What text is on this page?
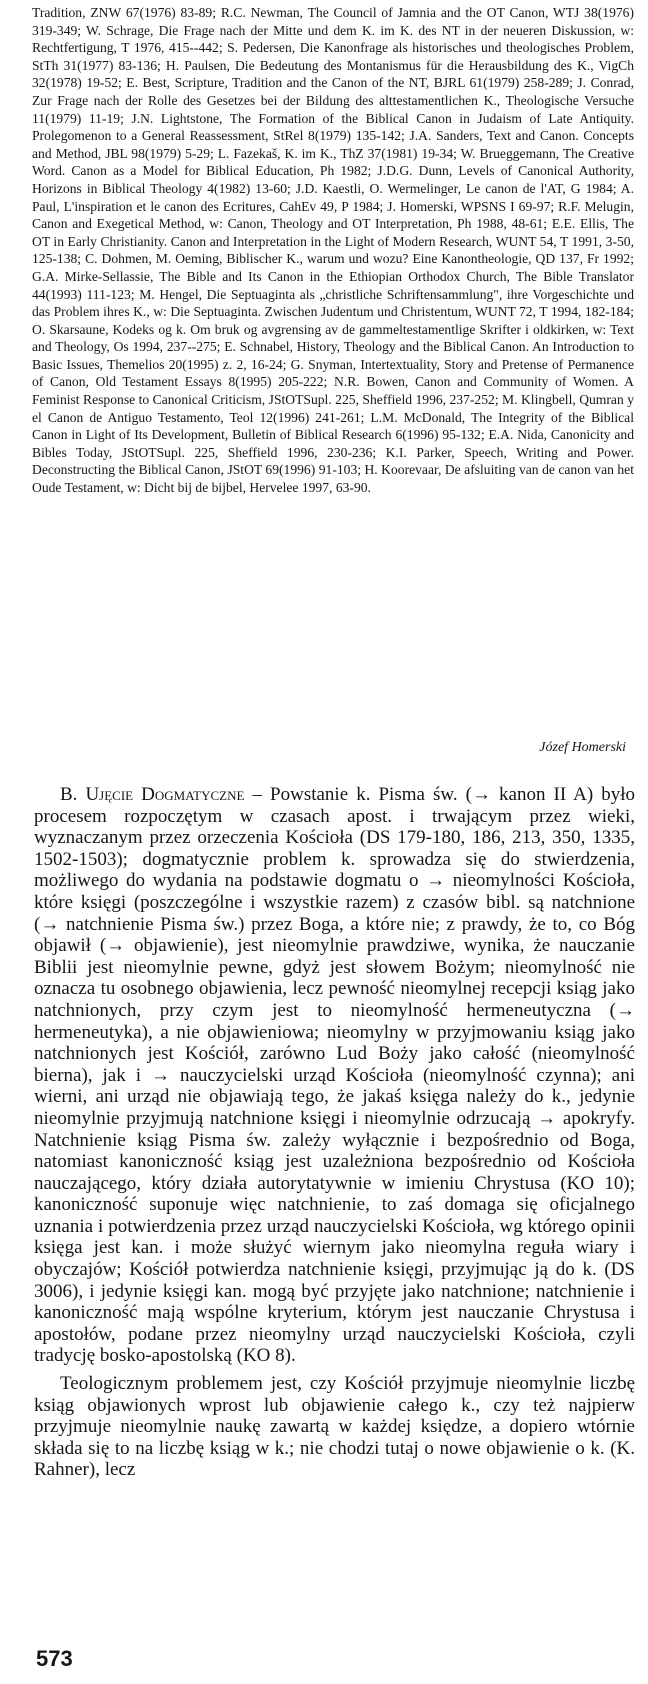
Tradition, ZNW 67(1976) 83-89; R.C. Newman, The Council of Jamnia and the OT Canon, WTJ 38(1976) 319-349; W. Schrage, Die Frage nach der Mitte und dem K. im K. des NT in der neueren Diskussion, w: Rechtfertigung, T 1976, 415--442; S. Pedersen, Die Kanonfrage als historisches und theologisches Problem, StTh 31(1977) 83-136; H. Paulsen, Die Bedeutung des Montanismus für die Herausbildung des K., VigCh 32(1978) 19-52; E. Best, Scripture, Tradition and the Canon of the NT, BJRL 61(1979) 258-289; J. Conrad, Zur Frage nach der Rolle des Gesetzes bei der Bildung des alttestamentlichen K., Theologische Versuche 11(1979) 11-19; J.N. Lightstone, The Formation of the Biblical Canon in Judaism of Late Antiquity. Prolegomenon to a General Reassessment, StRel 8(1979) 135-142; J.A. Sanders, Text and Canon. Concepts and Method, JBL 98(1979) 5-29; L. Fazekaš, K. im K., ThZ 37(1981) 19-34; W. Brueggemann, The Creative Word. Canon as a Model for Biblical Education, Ph 1982; J.D.G. Dunn, Levels of Canonical Authority, Horizons in Biblical Theology 4(1982) 13-60; J.D. Kaestli, O. Wermelinger, Le canon de l'AT, G 1984; A. Paul, L'inspiration et le canon des Ecritures, CahEv 49, P 1984; J. Homerski, WPSNS I 69-97; R.F. Melugin, Canon and Exegetical Method, w: Canon, Theology and OT Interpretation, Ph 1988, 48-61; E.E. Ellis, The OT in Early Christianity. Canon and Interpretation in the Light of Modern Research, WUNT 54, T 1991, 3-50, 125-138; C. Dohmen, M. Oeming, Biblischer K., warum und wozu? Eine Kanontheologie, QD 137, Fr 1992; G.A. Mirke-Sellassie, The Bible and Its Canon in the Ethiopian Orthodox Church, The Bible Translator 44(1993) 111-123; M. Hengel, Die Septuaginta als „christliche Schriftensammlung", ihre Vorgeschichte und das Problem ihres K., w: Die Septuaginta. Zwischen Judentum und Christentum, WUNT 72, T 1994, 182-184; O. Skarsaune, Kodeks og k. Om bruk og avgrensing av de gammeltestamentlige Skrifter i oldkirken, w: Text and Theology, Os 1994, 237--275; E. Schnabel, History, Theology and the Biblical Canon. An Introduction to Basic Issues, Themelios 20(1995) z. 2, 16-24; G. Snyman, Intertextuality, Story and Pretense of Permanence of Canon, Old Testament Essays 8(1995) 205-222; N.R. Bowen, Canon and Community of Women. A Feminist Response to Canonical Criticism, JStOTSupl. 225, Sheffield 1996, 237-252; M. Klingbell, Qumran y el Canon de Antiguo Testamento, Teol 12(1996) 241-261; L.M. McDonald, The Integrity of the Biblical Canon in Light of Its Development, Bulletin of Biblical Research 6(1996) 95-132; E.A. Nida, Canonicity and Bibles Today, JStOTSupl. 225, Sheffield 1996, 230-236; K.I. Parker, Speech, Writing and Power. Deconstructing the Biblical Canon, JStOT 69(1996) 91-103; H. Koorevaar, De afsluiting van de canon van het Oude Testament, w: Dicht bij de bijbel, Hervelee 1997, 63-90.

Józef Homerski

B. Ujęcie Dogmatyczne – Powstanie k. Pisma św. (→ kanon II A) było procesem rozpoczętym w czasach apost. i trwającym przez wieki, wyznaczanym przez orzeczenia Kościoła (DS 179-180, 186, 213, 350, 1335, 1502-1503); dogmatycznie problem k. sprowadza się do stwierdzenia, możliwego do wydania na podstawie dogmatu o → nieomylności Kościoła, które księgi (poszczególne i wszystkie razem) z czasów bibl. są natchnione (→ natchnienie Pisma św.) przez Boga, a które nie; z prawdy, że to, co Bóg objawił (→ objawienie), jest nieomylnie prawdziwe, wynika, że nauczanie Biblii jest nieomylnie pewne, gdyż jest słowem Bożym; nieomylność nie oznacza tu osobnego objawienia, lecz pewność nieomylnej recepcji ksiąg jako natchnionych, przy czym jest to nieomylność hermeneutyczna (→ hermeneutyka), a nie objawieniowa; nieomylny w przyjmowaniu ksiąg jako natchnionych jest Kościół, zarówno Lud Boży jako całość (nieomylność bierna), jak i → nauczycielski urząd Kościoła (nieomylność czynna); ani wierni, ani urząd nie objawiają tego, że jakaś księga należy do k., jedynie nieomylnie przyjmują natchnione księgi i nieomylnie odrzucają → apokryfy. Natchnienie ksiąg Pisma św. zależy wyłącznie i bezpośrednio od Boga, natomiast kanoniczność ksiąg jest uzależniona bezpośrednio od Kościoła nauczającego, który działa autorytatywnie w imieniu Chrystusa (KO 10); kanoniczność suponuje więc natchnienie, to zaś domaga się oficjalnego uznania i potwierdzenia przez urząd nauczycielski Kościoła, wg którego opinii księga jest kan. i może służyć wiernym jako nieomylna reguła wiary i obyczajów; Kościół potwierdza natchnienie księgi, przyjmując ją do k. (DS 3006), i jedynie księgi kan. mogą być przyjęte jako natchnione; natchnienie i kanoniczność mają wspólne kryterium, którym jest nauczanie Chrystusa i apostołów, podane przez nieomylny urząd nauczycielski Kościoła, czyli tradycję bosko-apostolską (KO 8).

Teologicznym problemem jest, czy Kościół przyjmuje nieomylnie liczbę ksiąg objawionych wprost lub objawienie całego k., czy też najpierw przyjmuje nieomylnie naukę zawartą w każdej księdze, a dopiero wtórnie składa się to na liczbę ksiąg w k.; nie chodzi tutaj o nowe objawienie o k. (K. Rahner), lecz

573
